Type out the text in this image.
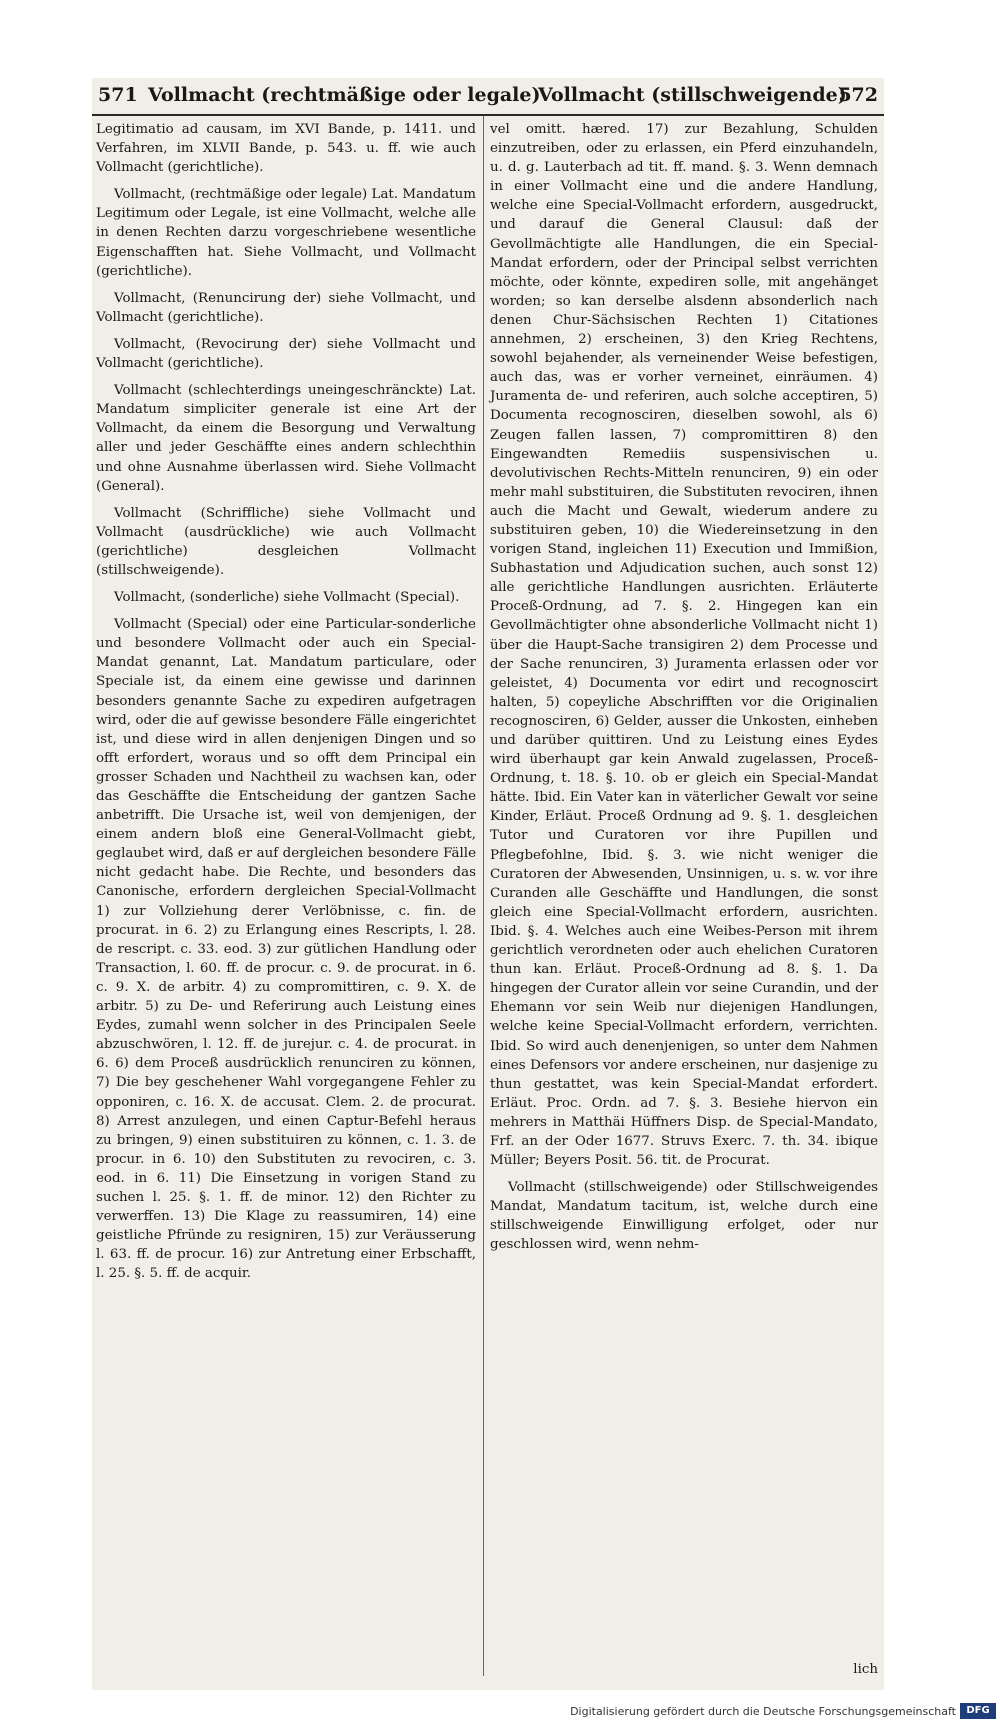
571 Vollmacht (rechtmäßige oder legale)
Vollmacht (stillschweigende)
572

Legitimatio ad causam, im XVI Bande, p. 1411. und Verfahren, im XLVII Bande, p. 543. u. ff. wie auch Vollmacht (gerichtliche).

Vollmacht, (rechtmäßige oder legale) Lat. Mandatum Legitimum oder Legale, ist eine Vollmacht, welche alle in denen Rechten darzu vorgeschriebene wesentliche Eigenschafften hat. Siehe Vollmacht, und Vollmacht (gerichtliche).

Vollmacht, (Renuncirung der) siehe Vollmacht, und Vollmacht (gerichtliche).

Vollmacht, (Revocirung der) siehe Vollmacht und Vollmacht (gerichtliche).

Vollmacht (schlechterdings uneingeschränckte) Lat. Mandatum simpliciter generale ist eine Art der Vollmacht, da einem die Besorgung und Verwaltung aller und jeder Geschäffte eines andern schlechthin und ohne Ausnahme überlassen wird. Siehe Vollmacht (General).

Vollmacht (Schriffliche) siehe Vollmacht und Vollmacht (ausdrückliche) wie auch Vollmacht (gerichtliche) desgleichen Vollmacht (stillschweigende).

Vollmacht, (sonderliche) siehe Vollmacht (Special).

Vollmacht (Special) oder eine Particular-sonderliche und besondere Vollmacht oder auch ein Special-Mandat genannt, Lat. Mandatum particulare, oder Speciale ist, da einem eine gewisse und darinnen besonders genannte Sache zu expediren aufgetragen wird, oder die auf gewisse besondere Fälle eingerichtet ist, und diese wird in allen denjenigen Dingen und so offt erfordert, woraus und so offt dem Principal ein grosser Schaden und Nachtheil zu wachsen kan, oder das Geschäffte die Entscheidung der gantzen Sache anbetrifft. Die Ursache ist, weil von demjenigen, der einem andern bloß eine General-Vollmacht giebt, geglaubet wird, daß er auf dergleichen besondere Fälle nicht gedacht habe. Die Rechte, und besonders das Canonische, erfordern dergleichen Special-Vollmacht 1) zur Vollziehung derer Verlöbnisse, c. fin. de procurat. in 6. 2) zu Erlangung eines Rescripts, l. 28. de rescript. c. 33. eod. 3) zur gütlichen Handlung oder Transaction, l. 60. ff. de procur. c. 9. de procurat. in 6. c. 9. X. de arbitr. 4) zu compromittiren, c. 9. X. de arbitr. 5) zu De- und Referirung auch Leistung eines Eydes, zumahl wenn solcher in des Principalen Seele abzuschwören, l. 12. ff. de jurejur. c. 4. de procurat. in 6. 6) dem Proceß ausdrücklich renunciren zu können, 7) Die bey geschehener Wahl vorgegangene Fehler zu opponiren, c. 16. X. de accusat. Clem. 2. de procurat. 8) Arrest anzulegen, und einen Captur-Befehl heraus zu bringen, 9) einen substituiren zu können, c. 1. 3. de procur. in 6. 10) den Substituten zu revociren, c. 3. eod. in 6. 11) Die Einsetzung in vorigen Stand zu suchen l. 25. §. 1. ff. de minor. 12) den Richter zu verwerffen. 13) Die Klage zu reassumiren, 14) eine geistliche Pfründe zu resigniren, 15) zur Veräusserung l. 63. ff. de procur. 16) zur Antretung einer Erbschafft, l. 25. §. 5. ff. de acquir.

vel omitt. hæred. 17) zur Bezahlung, Schulden einzutreiben, oder zu erlassen, ein Pferd einzuhandeln, u. d. g. Lauterbach ad tit. ff. mand. §. 3. Wenn demnach in einer Vollmacht eine und die andere Handlung, welche eine Special-Vollmacht erfordern, ausgedruckt, und darauf die General Clausul: daß der Gevollmächtigte alle Handlungen, die ein Special-Mandat erfordern, oder der Principal selbst verrichten möchte, oder könnte, expediren solle, mit angehänget worden; so kan derselbe alsdenn absonderlich nach denen Chur-Sächsischen Rechten 1) Citationes annehmen, 2) erscheinen, 3) den Krieg Rechtens, sowohl bejahender, als verneinender Weise befestigen, auch das, was er vorher verneinet, einräumen. 4) Juramenta de- und referiren, auch solche acceptiren, 5) Documenta recognosciren, dieselben sowohl, als 6) Zeugen fallen lassen, 7) compromittiren 8) den Eingewandten Remediis suspensivischen u. devolutivischen Rechts-Mitteln renunciren, 9) ein oder mehr mahl substituiren, die Substituten revociren, ihnen auch die Macht und Gewalt, wiederum andere zu substituiren geben, 10) die Wiedereinsetzung in den vorigen Stand, ingleichen 11) Execution und Immißion, Subhastation und Adjudication suchen, auch sonst 12) alle gerichtliche Handlungen ausrichten. Erläuterte Proceß-Ordnung, ad 7. §. 2. Hingegen kan ein Gevollmächtigter ohne absonderliche Vollmacht nicht 1) über die Haupt-Sache transigiren 2) dem Processe und der Sache renunciren, 3) Juramenta erlassen oder vor geleistet, 4) Documenta vor edirt und recognoscirt halten, 5) copeyliche Abschrifften vor die Originalien recognosciren, 6) Gelder, ausser die Unkosten, einheben und darüber quittiren. Und zu Leistung eines Eydes wird überhaupt gar kein Anwald zugelassen, Proceß-Ordnung, t. 18. §. 10. ob er gleich ein Special-Mandat hätte. Ibid. Ein Vater kan in väterlicher Gewalt vor seine Kinder, Erläut. Proceß Ordnung ad 9. §. 1. desgleichen Tutor und Curatoren vor ihre Pupillen und Pflegbefohlne, Ibid. §. 3. wie nicht weniger die Curatoren der Abwesenden, Unsinnigen, u. s. w. vor ihre Curanden alle Geschäffte und Handlungen, die sonst gleich eine Special-Vollmacht erfordern, ausrichten. Ibid. §. 4. Welches auch eine Weibes-Person mit ihrem gerichtlich verordneten oder auch ehelichen Curatoren thun kan. Erläut. Proceß-Ordnung ad 8. §. 1. Da hingegen der Curator allein vor seine Curandin, und der Ehemann vor sein Weib nur diejenigen Handlungen, welche keine Special-Vollmacht erfordern, verrichten. Ibid. So wird auch denenjenigen, so unter dem Nahmen eines Defensors vor andere erscheinen, nur dasjenige zu thun gestattet, was kein Special-Mandat erfordert. Erläut. Proc. Ordn. ad 7. §. 3. Besiehe hiervon ein mehrers in Matthäi Hüffners Disp. de Special-Mandato, Frf. an der Oder 1677. Struvs Exerc. 7. th. 34. ibique Müller; Beyers Posit. 56. tit. de Procurat.

Vollmacht (stillschweigende) oder Stillschweigendes Mandat, Mandatum tacitum, ist, welche durch eine stillschweigende Einwilligung erfolget, oder nur geschlossen wird, wenn nehm-

lich
Digitalisierung gefördert durch die Deutsche Forschungsgemeinschaft	DFG
